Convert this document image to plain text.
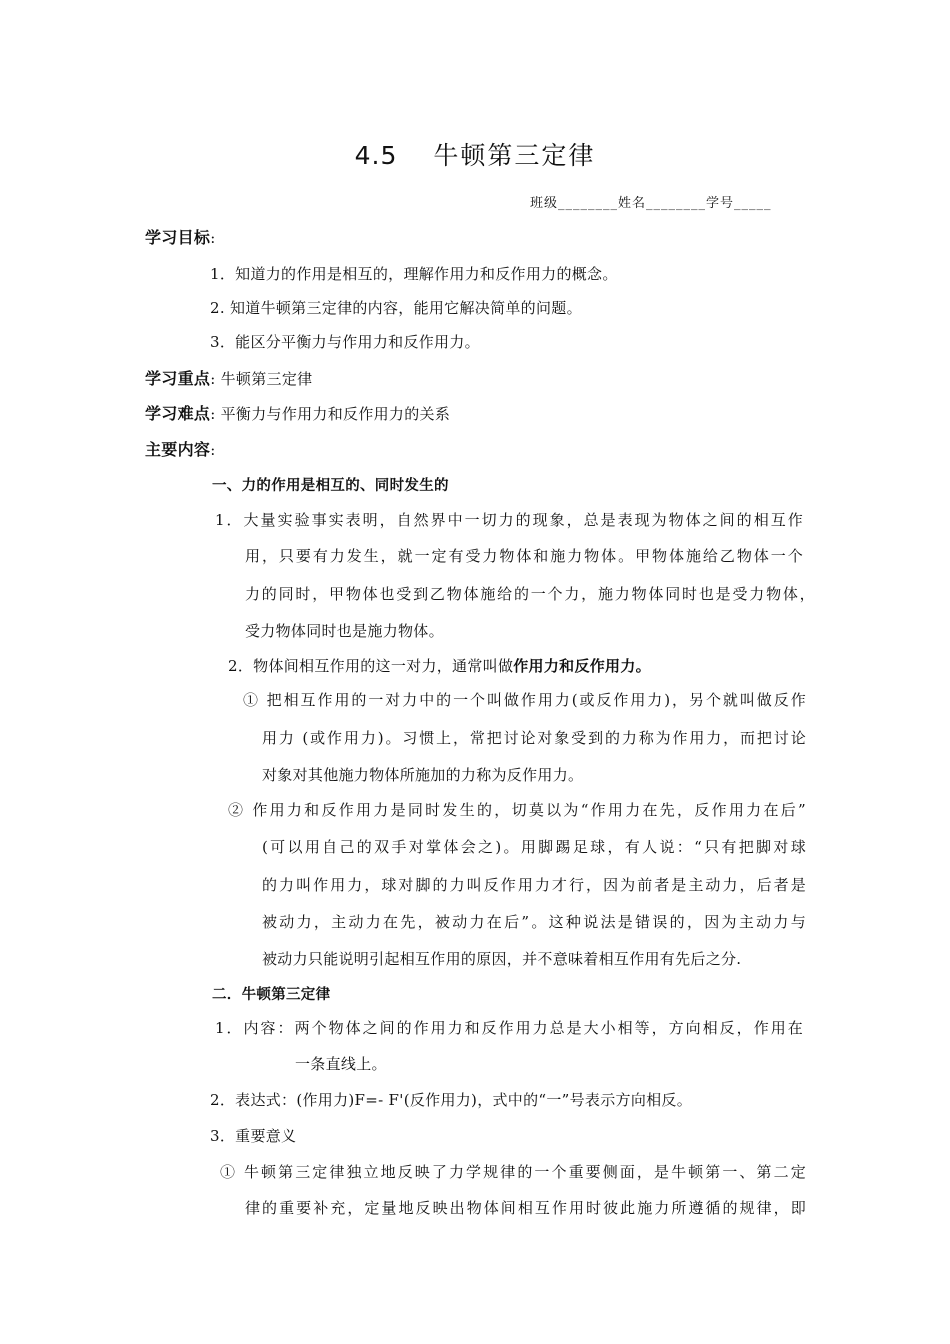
4.5 牛顿第三定律
班级________姓名________学号_____
学习目标:
1．知道力的作用是相互的，理解作用力和反作用力的概念。
2. 知道牛顿第三定律的内容，能用它解决简单的问题。
3．能区分平衡力与作用力和反作用力。
学习重点: 牛顿第三定律
学习难点: 平衡力与作用力和反作用力的关系
主要内容:
一、力的作用是相互的、同时发生的
1．大量实验事实表明，自然界中一切力的现象，总是表现为物体之间的相互作
用，只要有力发生，就一定有受力物体和施力物体。甲物体施给乙物体一个
力的同时，甲物体也受到乙物体施给的一个力，施力物体同时也是受力物体，
受力物体同时也是施力物体。
2．物体间相互作用的这一对力，通常叫做作用力和反作用力。
① 把相互作用的一对力中的一个叫做作用力(或反作用力)，另个就叫做反作
用力 (或作用力)。习惯上，常把讨论对象受到的力称为作用力，而把讨论
对象对其他施力物体所施加的力称为反作用力。
② 作用力和反作用力是同时发生的，切莫以为“作用力在先，反作用力在后”
(可以用自己的双手对掌体会之)。用脚踢足球，有人说：“只有把脚对球
的力叫作用力，球对脚的力叫反作用力才行，因为前者是主动力，后者是
被动力，主动力在先，被动力在后”。这种说法是错误的，因为主动力与
被动力只能说明引起相互作用的原因，并不意味着相互作用有先后之分.
二．牛顿第三定律
1．内容：两个物体之间的作用力和反作用力总是大小相等，方向相反，作用在
一条直线上。
2．表达式：(作用力)F=- F'(反作用力)，式中的“一”号表示方向相反。
3．重要意义
① 牛顿第三定律独立地反映了力学规律的一个重要侧面，是牛顿第一、第二定
律的重要补充，定量地反映出物体间相互作用时彼此施力所遵循的规律，即
